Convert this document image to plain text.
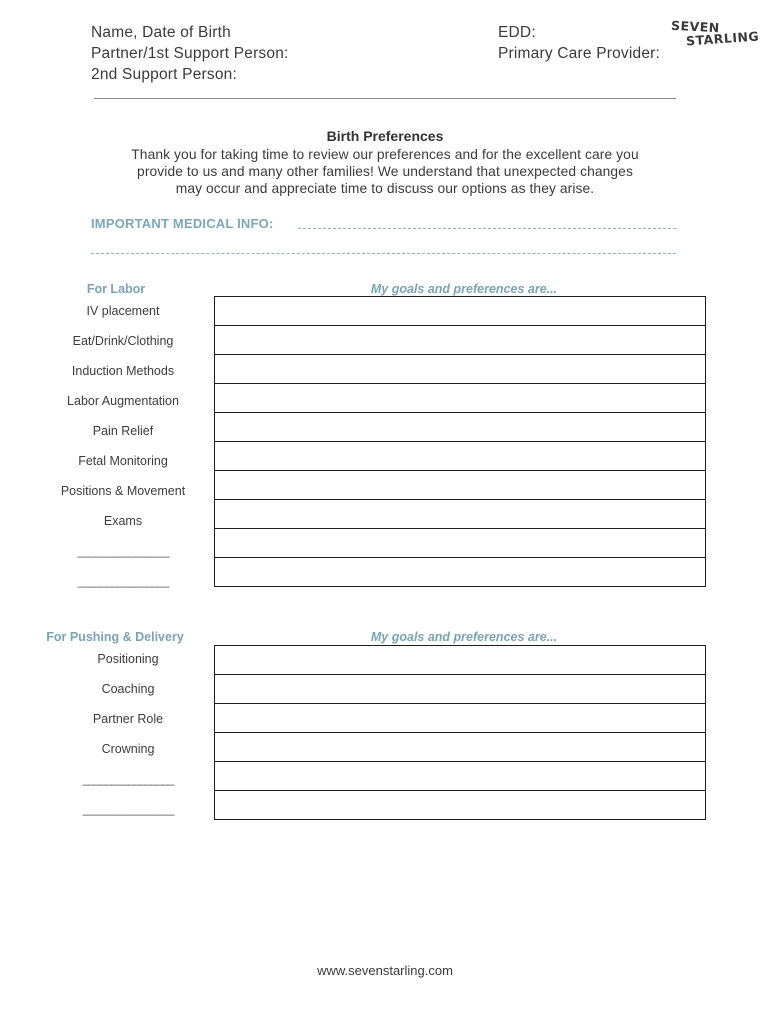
Name, Date of Birth
Partner/1st Support Person:
2nd Support Person:
EDD:
Primary Care Provider:
SEVEN
STARLING
Birth Preferences
Thank you for taking time to review our preferences and for the excellent care you
provide to us and many other families! We understand that unexpected changes
may occur and appreciate time to discuss our options as they arise.
IMPORTANT MEDICAL INFO:
For Labor	My goals and preferences are...
IV placement
Eat/Drink/Clothing
Induction Methods
Labor Augmentation
Pain Relief
Fetal Monitoring
Positions & Movement
Exams
________________
________________

For Pushing & Delivery	My goals and preferences are...
Positioning
Coaching
Partner Role
Crowning
________________
________________

www.sevenstarling.com
